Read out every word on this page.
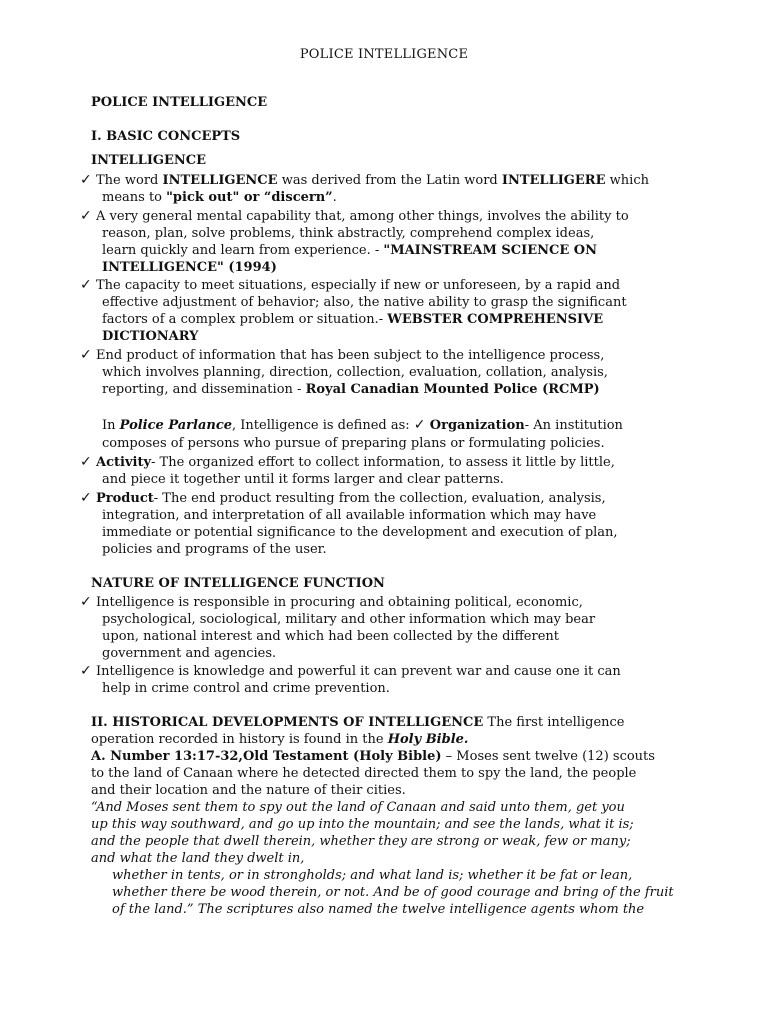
POLICE INTELLIGENCE
POLICE INTELLIGENCE
I. BASIC CONCEPTS
INTELLIGENCE
✓ The word INTELLIGENCE was derived from the Latin word INTELLIGERE which
means to "pick out" or “discern”.
✓ A very general mental capability that, among other things, involves the ability to
reason, plan, solve problems, think abstractly, comprehend complex ideas,
learn quickly and learn from experience. - "MAINSTREAM SCIENCE ON
INTELLIGENCE" (1994)
✓ The capacity to meet situations, especially if new or unforeseen, by a rapid and
effective adjustment of behavior; also, the native ability to grasp the significant
factors of a complex problem or situation.- WEBSTER COMPREHENSIVE
DICTIONARY
✓ End product of information that has been subject to the intelligence process,
which involves planning, direction, collection, evaluation, collation, analysis,
reporting, and dissemination - Royal Canadian Mounted Police (RCMP)
In Police Parlance, Intelligence is defined as: ✓ Organization- An institution
composes of persons who pursue of preparing plans or formulating policies.
✓ Activity- The organized effort to collect information, to assess it little by little,
and piece it together until it forms larger and clear patterns.
✓ Product- The end product resulting from the collection, evaluation, analysis,
integration, and interpretation of all available information which may have
immediate or potential significance to the development and execution of plan,
policies and programs of the user.
NATURE OF INTELLIGENCE FUNCTION
✓ Intelligence is responsible in procuring and obtaining political, economic,
psychological, sociological, military and other information which may bear
upon, national interest and which had been collected by the different
government and agencies.
✓ Intelligence is knowledge and powerful it can prevent war and cause one it can
help in crime control and crime prevention.
II. HISTORICAL DEVELOPMENTS OF INTELLIGENCE The first intelligence
operation recorded in history is found in the Holy Bible.
A. Number 13:17-32,Old Testament (Holy Bible) – Moses sent twelve (12) scouts
to the land of Canaan where he detected directed them to spy the land, the people
and their location and the nature of their cities.
“And Moses sent them to spy out the land of Canaan and said unto them, get you
up this way southward, and go up into the mountain; and see the lands, what it is;
and the people that dwell therein, whether they are strong or weak, few or many;
and what the land they dwelt in,
whether in tents, or in strongholds; and what land is; whether it be fat or lean,
whether there be wood therein, or not. And be of good courage and bring of the fruit
of the land.” The scriptures also named the twelve intelligence agents whom the
